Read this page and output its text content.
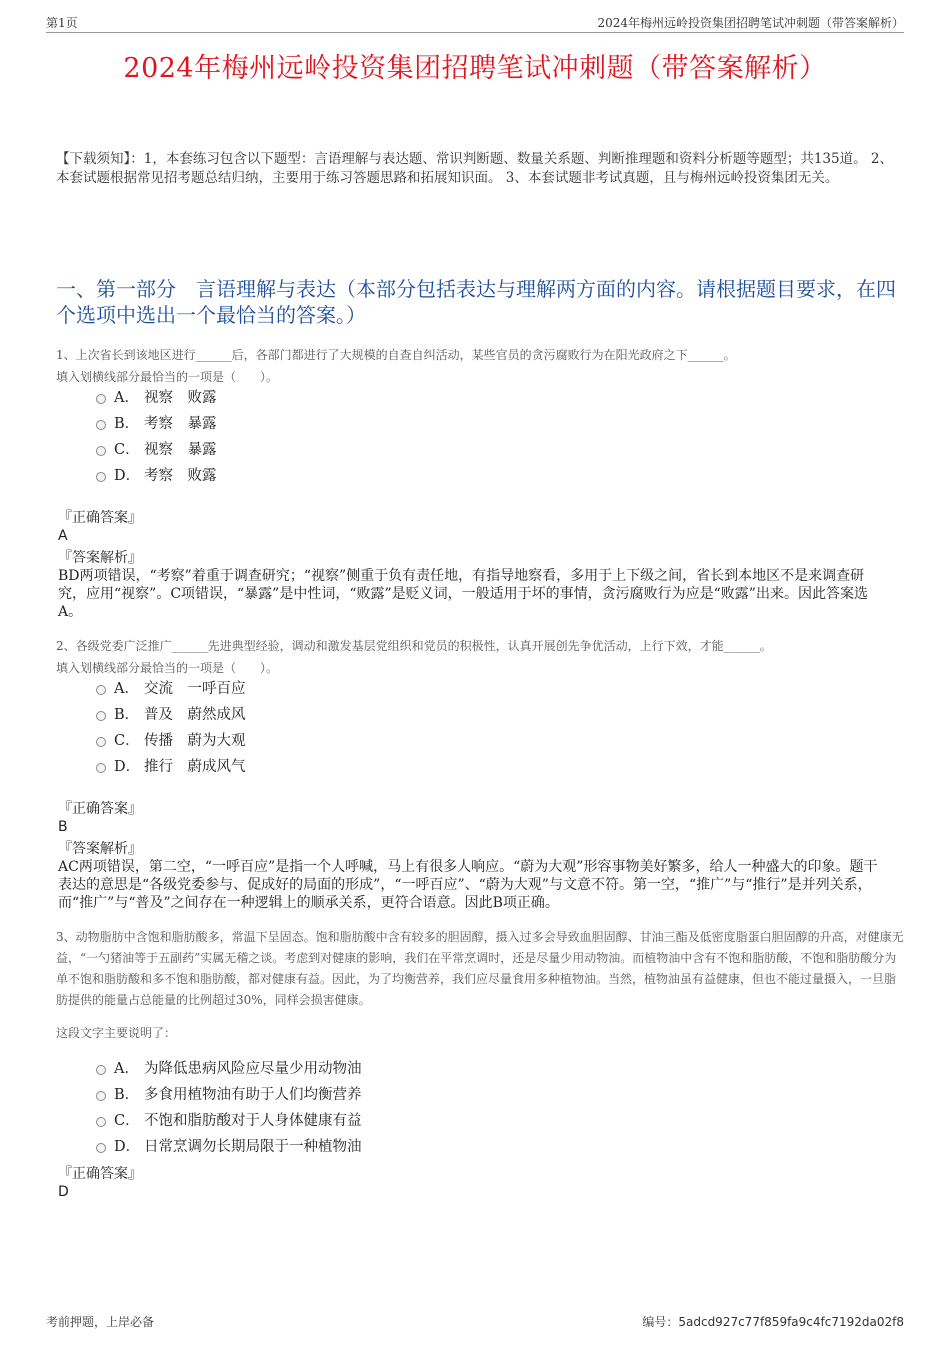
第1页	2024年梅州远岭投资集团招聘笔试冲刺题（带答案解析）
2024年梅州远岭投资集团招聘笔试冲刺题（带答案解析）
【下载须知】：1，本套练习包含以下题型：言语理解与表达题、常识判断题、数量关系题、判断推理题和资料分析题等题型；共135道。 2、本套试题根据常见招考题总结归纳，主要用于练习答题思路和拓展知识面。 3、本套试题非考试真题，且与梅州远岭投资集团无关。
一、第一部分　言语理解与表达（本部分包括表达与理解两方面的内容。请根据题目要求，在四个选项中选出一个最恰当的答案。）
1、上次省长到该地区进行______后，各部门都进行了大规模的自查自纠活动，某些官员的贪污腐败行为在阳光政府之下______。
填入划横线部分最恰当的一项是（　　）。
A． 视察　败露
B． 考察　暴露
C． 视察　暴露
D． 考察　败露
『正确答案』
A
『答案解析』
BD两项错误，“考察”着重于调查研究；“视察”侧重于负有责任地，有指导地察看，多用于上下级之间，省长到本地区不是来调查研究，应用“视察”。C项错误，“暴露”是中性词，“败露”是贬义词，一般适用于坏的事情，贪污腐败行为应是“败露”出来。因此答案选A。
2、各级党委广泛推广______先进典型经验，调动和激发基层党组织和党员的积极性，认真开展创先争优活动，上行下效，才能______。
填入划横线部分最恰当的一项是（　　）。
A． 交流　一呼百应
B． 普及　蔚然成风
C． 传播　蔚为大观
D． 推行　蔚成风气
『正确答案』
B
『答案解析』
AC两项错误，第二空，“一呼百应”是指一个人呼喊，马上有很多人响应。“蔚为大观”形容事物美好繁多，给人一种盛大的印象。题干表达的意思是“各级党委参与、促成好的局面的形成”，“一呼百应”、“蔚为大观”与文意不符。第一空，“推广”与“推行”是并列关系，而“推广”与“普及”之间存在一种逻辑上的顺承关系，更符合语意。因此B项正确。
3、动物脂肪中含饱和脂肪酸多，常温下呈固态。饱和脂肪酸中含有较多的胆固醇，摄入过多会导致血胆固醇、甘油三酯及低密度脂蛋白胆固醇的升高，对健康无益，“一勺猪油等于五副药”实属无稽之谈。考虑到对健康的影响，我们在平常烹调时，还是尽量少用动物油。而植物油中含有不饱和脂肪酸，不饱和脂肪酸分为单不饱和脂肪酸和多不饱和脂肪酸，都对健康有益。因此，为了均衡营养，我们应尽量食用多种植物油。当然，植物油虽有益健康，但也不能过量摄入，一旦脂肪提供的能量占总能量的比例超过30%，同样会损害健康。
这段文字主要说明了：
A． 为降低患病风险应尽量少用动物油
B． 多食用植物油有助于人们均衡营养
C． 不饱和脂肪酸对于人身体健康有益
D． 日常烹调勿长期局限于一种植物油
『正确答案』
D
考前押题，上岸必备	编号：5adcd927c77f859fa9c4fc7192da02f8
